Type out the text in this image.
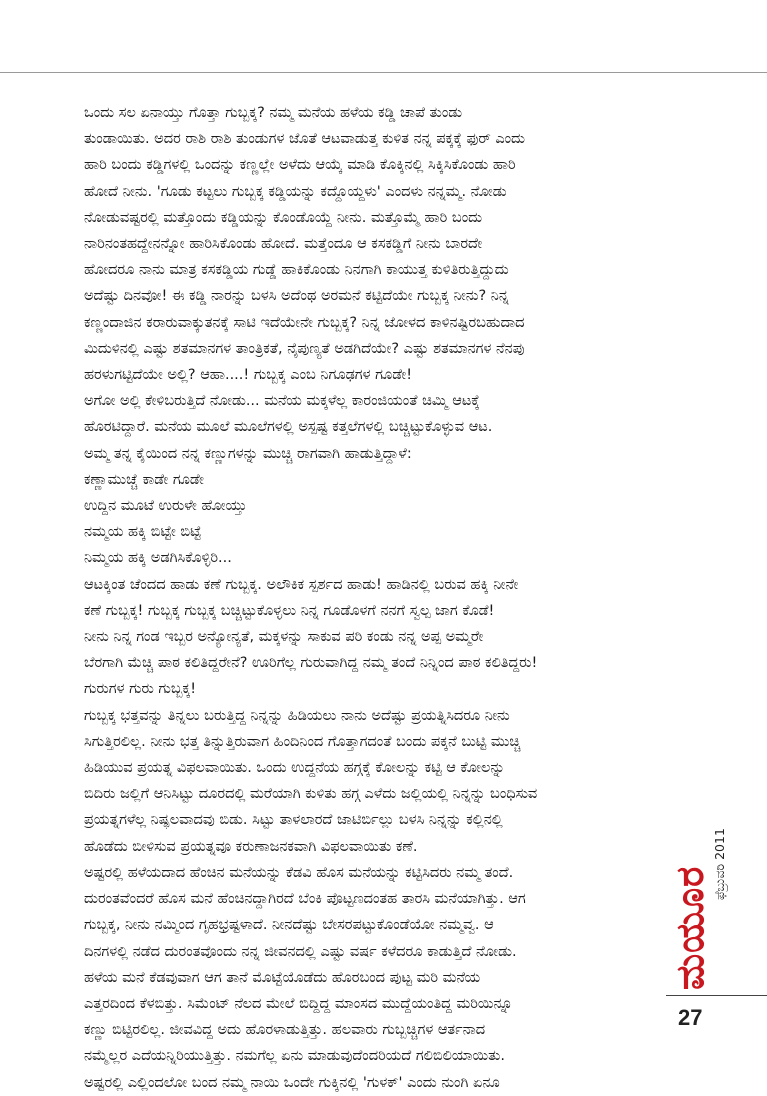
ಒಂದು ಸಲ ಏನಾಯ್ತು ಗೊತ್ತಾ ಗುಬ್ಬಕ್ಕ? ನಮ್ಮ ಮನೆಯ ಹಳೆಯ ಕಡ್ಡಿ ಚಾಪೆ ತುಂಡು
ತುಂಡಾಯಿತು. ಅದರ ರಾಶಿ ರಾಶಿ ತುಂಡುಗಳ ಜೊತೆ ಆಟವಾಡುತ್ತ ಕುಳಿತ ನನ್ನ ಪಕ್ಕಕ್ಕೆ ಫುರ್ ಎಂದು
ಹಾರಿ ಬಂದು ಕಡ್ಡಿಗಳಲ್ಲಿ ಒಂದನ್ನು ಕಣ್ಣಲ್ಲೇ ಅಳೆದು ಆಯ್ಕೆ ಮಾಡಿ ಕೊಕ್ಕಿನಲ್ಲಿ ಸಿಕ್ಕಿಸಿಕೊಂಡು ಹಾರಿ
ಹೋದೆ ನೀನು. 'ಗೂಡು ಕಟ್ಟಲು ಗುಬ್ಬಕ್ಕ ಕಡ್ಡಿಯನ್ನು ಕದ್ದೊಯ್ದಳು' ಎಂದಳು ನನ್ನಮ್ಮ. ನೋಡು
ನೋಡುವಷ್ಟರಲ್ಲಿ ಮತ್ತೊಂದು ಕಡ್ಡಿಯನ್ನು ಕೊಂಡೊಯ್ದೆ ನೀನು. ಮತ್ತೊಮ್ಮೆ ಹಾರಿ ಬಂದು
ನಾರಿನಂತಹದ್ದೇನನ್ನೋ ಹಾರಿಸಿಕೊಂಡು ಹೋದೆ. ಮತ್ತೆಂದೂ ಆ ಕಸಕಡ್ಡಿಗೆ ನೀನು ಬಾರದೇ
ಹೋದರೂ ನಾನು ಮಾತ್ರ ಕಸಕಡ್ಡಿಯ ಗುಡ್ಡೆ ಹಾಕಿಕೊಂಡು ನಿನಗಾಗಿ ಕಾಯುತ್ತ ಕುಳಿತಿರುತ್ತಿದ್ದುದು
ಅದೆಷ್ಟು ದಿನವೋ! ಈ ಕಡ್ಡಿ ನಾರನ್ನು ಬಳಸಿ ಅದೆಂಥ ಅರಮನೆ ಕಟ್ಟಿದೆಯೇ ಗುಬ್ಬಕ್ಕ ನೀನು? ನಿನ್ನ
ಕಣ್ಣಂದಾಜಿನ ಕರಾರುವಾಕ್ಕುತನಕ್ಕೆ ಸಾಟಿ ಇದೆಯೇನೇ ಗುಬ್ಬಕ್ಕ? ನಿನ್ನ ಜೋಳದ ಕಾಳಿನಷ್ಟಿರಬಹುದಾದ
ಮಿದುಳಿನಲ್ಲಿ ಎಷ್ಟು ಶತಮಾನಗಳ ತಾಂತ್ರಿಕತೆ, ನೈಪುಣ್ಯತೆ ಅಡಗಿದೆಯೇ? ಎಷ್ಟು ಶತಮಾನಗಳ ನೆನಪು
ಹರಳುಗಟ್ಟಿದೆಯೇ ಅಲ್ಲಿ? ಆಹಾ....! ಗುಬ್ಬಕ್ಕ ಎಂಬ ನಿಗೂಢಗಳ ಗೂಡೇ!

ಅಗೋ ಅಲ್ಲಿ ಕೇಳಿಬರುತ್ತಿದೆ ನೋಡು... ಮನೆಯ ಮಕ್ಕಳೆಲ್ಲ ಕಾರಂಜಿಯಂತೆ ಚಿಮ್ಮಿ ಆಟಕ್ಕೆ
ಹೊರಟಿದ್ದಾರೆ. ಮನೆಯ ಮೂಲೆ ಮೂಲೆಗಳಲ್ಲಿ ಅಸ್ಪಷ್ಟ ಕತ್ತಲೆಗಳಲ್ಲಿ ಬಚ್ಚಿಟ್ಟುಕೊಳ್ಳುವ ಆಟ.

ಅಮ್ಮ ತನ್ನ ಕೈಯಿಂದ ನನ್ನ ಕಣ್ಣುಗಳನ್ನು ಮುಚ್ಚಿ ರಾಗವಾಗಿ ಹಾಡುತ್ತಿದ್ದಾಳೆ:

ಕಣ್ಣಾಮುಚ್ಚೆ ಕಾಡೇ ಗೂಡೇ
ಉದ್ದಿನ ಮೂಟೆ ಉರುಳೇ ಹೋಯ್ತು
ನಮ್ಮಯ ಹಕ್ಕಿ ಬಿಟ್ಟೇ ಬಿಟ್ಟೆ
ನಿಮ್ಮಯ ಹಕ್ಕಿ ಅಡಗಿಸಿಕೊಳ್ಳಿರಿ...

ಆಟಕ್ಕಿಂತ ಚೆಂದದ ಹಾಡು ಕಣೆ ಗುಬ್ಬಕ್ಕ. ಅಲೌಕಿಕ ಸ್ಪರ್ಶದ ಹಾಡು! ಹಾಡಿನಲ್ಲಿ ಬರುವ ಹಕ್ಕಿ ನೀನೇ
ಕಣೆ ಗುಬ್ಬಕ್ಕ! ಗುಬ್ಬಕ್ಕ ಗುಬ್ಬಕ್ಕ ಬಚ್ಚಿಟ್ಟುಕೊಳ್ಳಲು ನಿನ್ನ ಗೂಡೊಳಗೆ ನನಗೆ ಸ್ವಲ್ಪ ಜಾಗ ಕೊಡೆ!

ನೀನು ನಿನ್ನ ಗಂಡ ಇಬ್ಬರ ಅನ್ಯೋನ್ಯತೆ, ಮಕ್ಕಳನ್ನು ಸಾಕುವ ಪರಿ ಕಂಡು ನನ್ನ ಅಪ್ಪ ಅಮ್ಮರೇ
ಬೆರಗಾಗಿ ಮೆಚ್ಚಿ ಪಾಠ ಕಲಿತಿದ್ದರೇನೆ? ಊರಿಗೆಲ್ಲ ಗುರುವಾಗಿದ್ದ ನಮ್ಮ ತಂದೆ ನಿನ್ನಿಂದ ಪಾಠ ಕಲಿತಿದ್ದರು!
ಗುರುಗಳ ಗುರು ಗುಬ್ಬಕ್ಕ!

ಗುಬ್ಬಕ್ಕ ಭತ್ತವನ್ನು ತಿನ್ನಲು ಬರುತ್ತಿದ್ದ ನಿನ್ನನ್ನು ಹಿಡಿಯಲು ನಾನು ಅದೆಷ್ಟು ಪ್ರಯತ್ನಿಸಿದರೂ ನೀನು
ಸಿಗುತ್ತಿರಲಿಲ್ಲ. ನೀನು ಭತ್ತ ತಿನ್ನುತ್ತಿರುವಾಗ ಹಿಂದಿನಿಂದ ಗೊತ್ತಾಗದಂತೆ ಬಂದು ಪಕ್ಕನೆ ಬುಟ್ಟಿ ಮುಚ್ಚಿ
ಹಿಡಿಯುವ ಪ್ರಯತ್ನ ವಿಫಲವಾಯಿತು. ಒಂದು ಉದ್ದನೆಯ ಹಗ್ಗಕ್ಕೆ ಕೋಲನ್ನು ಕಟ್ಟಿ ಆ ಕೋಲನ್ನು
ಬಿದಿರು ಜಲ್ಲಿಗೆ ಆನಿಸಿಟ್ಟು ದೂರದಲ್ಲಿ ಮರೆಯಾಗಿ ಕುಳಿತು ಹಗ್ಗ ಎಳೆದು ಜಲ್ಲಿಯಲ್ಲಿ ನಿನ್ನನ್ನು ಬಂಧಿಸುವ
ಪ್ರಯತ್ನಗಳೆಲ್ಲ ನಿಷ್ಫಲವಾದವು ಬಿಡು. ಸಿಟ್ಟು ತಾಳಲಾರದೆ ಜಾಟಿರ್ಬಿಲ್ಲು ಬಳಸಿ ನಿನ್ನನ್ನು ಕಲ್ಲಿನಲ್ಲಿ
ಹೊಡೆದು ಬೀಳಿಸುವ ಪ್ರಯತ್ನವೂ ಕರುಣಾಜನಕವಾಗಿ ವಿಫಲವಾಯಿತು ಕಣೆ.

ಅಷ್ಟರಲ್ಲಿ ಹಳೆಯದಾದ ಹೆಂಚಿನ ಮನೆಯನ್ನು ಕೆಡವಿ ಹೊಸ ಮನೆಯನ್ನು ಕಟ್ಟಿಸಿದರು ನಮ್ಮ ತಂದೆ.
ದುರಂತವೆಂದರೆ ಹೊಸ ಮನೆ ಹೆಂಚಿನದ್ದಾಗಿರದೆ ಬೆಂಕಿ ಪೊಟ್ಟಣದಂತಹ ತಾರಸಿ ಮನೆಯಾಗಿತ್ತು. ಆಗ
ಗುಬ್ಬಕ್ಕ, ನೀನು ನಮ್ಮಿಂದ ಗೃಹಭ್ರಷ್ಟಳಾದೆ. ನೀನದೆಷ್ಟು ಬೇಸರಪಟ್ಟುಕೊಂಡೆಯೋ ನಮ್ಮವ್ವ. ಆ
ದಿನಗಳಲ್ಲಿ ನಡೆದ ದುರಂತವೊಂದು ನನ್ನ ಜೀವನದಲ್ಲಿ ಎಷ್ಟು ವರ್ಷ ಕಳೆದರೂ ಕಾಡುತ್ತಿದೆ ನೋಡು.
ಹಳೆಯ ಮನೆ ಕೆಡವುವಾಗ ಆಗ ತಾನೆ ಮೊಟ್ಟೆಯೊಡೆದು ಹೊರಬಂದ ಪುಟ್ಟ ಮರಿ ಮನೆಯ
ಎತ್ತರದಿಂದ ಕೆಳಬಿತ್ತು. ಸಿಮೆಂಟ್ ನೆಲದ ಮೇಲೆ ಬಿದ್ದಿದ್ದ ಮಾಂಸದ ಮುದ್ದೆಯಂತಿದ್ದ ಮರಿಯಿನ್ನೂ
ಕಣ್ಣು ಬಿಟ್ಟಿರಲಿಲ್ಲ. ಜೀವವಿದ್ದ ಅದು ಹೊರಳಾಡುತ್ತಿತ್ತು. ಹಲವಾರು ಗುಬ್ಬಚ್ಚಿಗಳ ಆರ್ತನಾದ
ನಮ್ಮೆಲ್ಲರ ಎದೆಯನ್ನಿರಿಯುತ್ತಿತ್ತು. ನಮಗೆಲ್ಲ ಏನು ಮಾಡುವುದೆಂದರಿಯದೆ ಗಲಿಬಿಲಿಯಾಯಿತು.
ಅಷ್ಟರಲ್ಲಿ ಎಲ್ಲಿಂದಲೋ ಬಂದ ನಮ್ಮ ನಾಯಿ ಒಂದೇ ಗುಕ್ಕಿನಲ್ಲಿ 'ಗುಳಕ್' ಎಂದು ನುಂಗಿ ಏನೂ

ಮಯೂರ
ಫೆಬ್ರುವರಿ 2011
27
